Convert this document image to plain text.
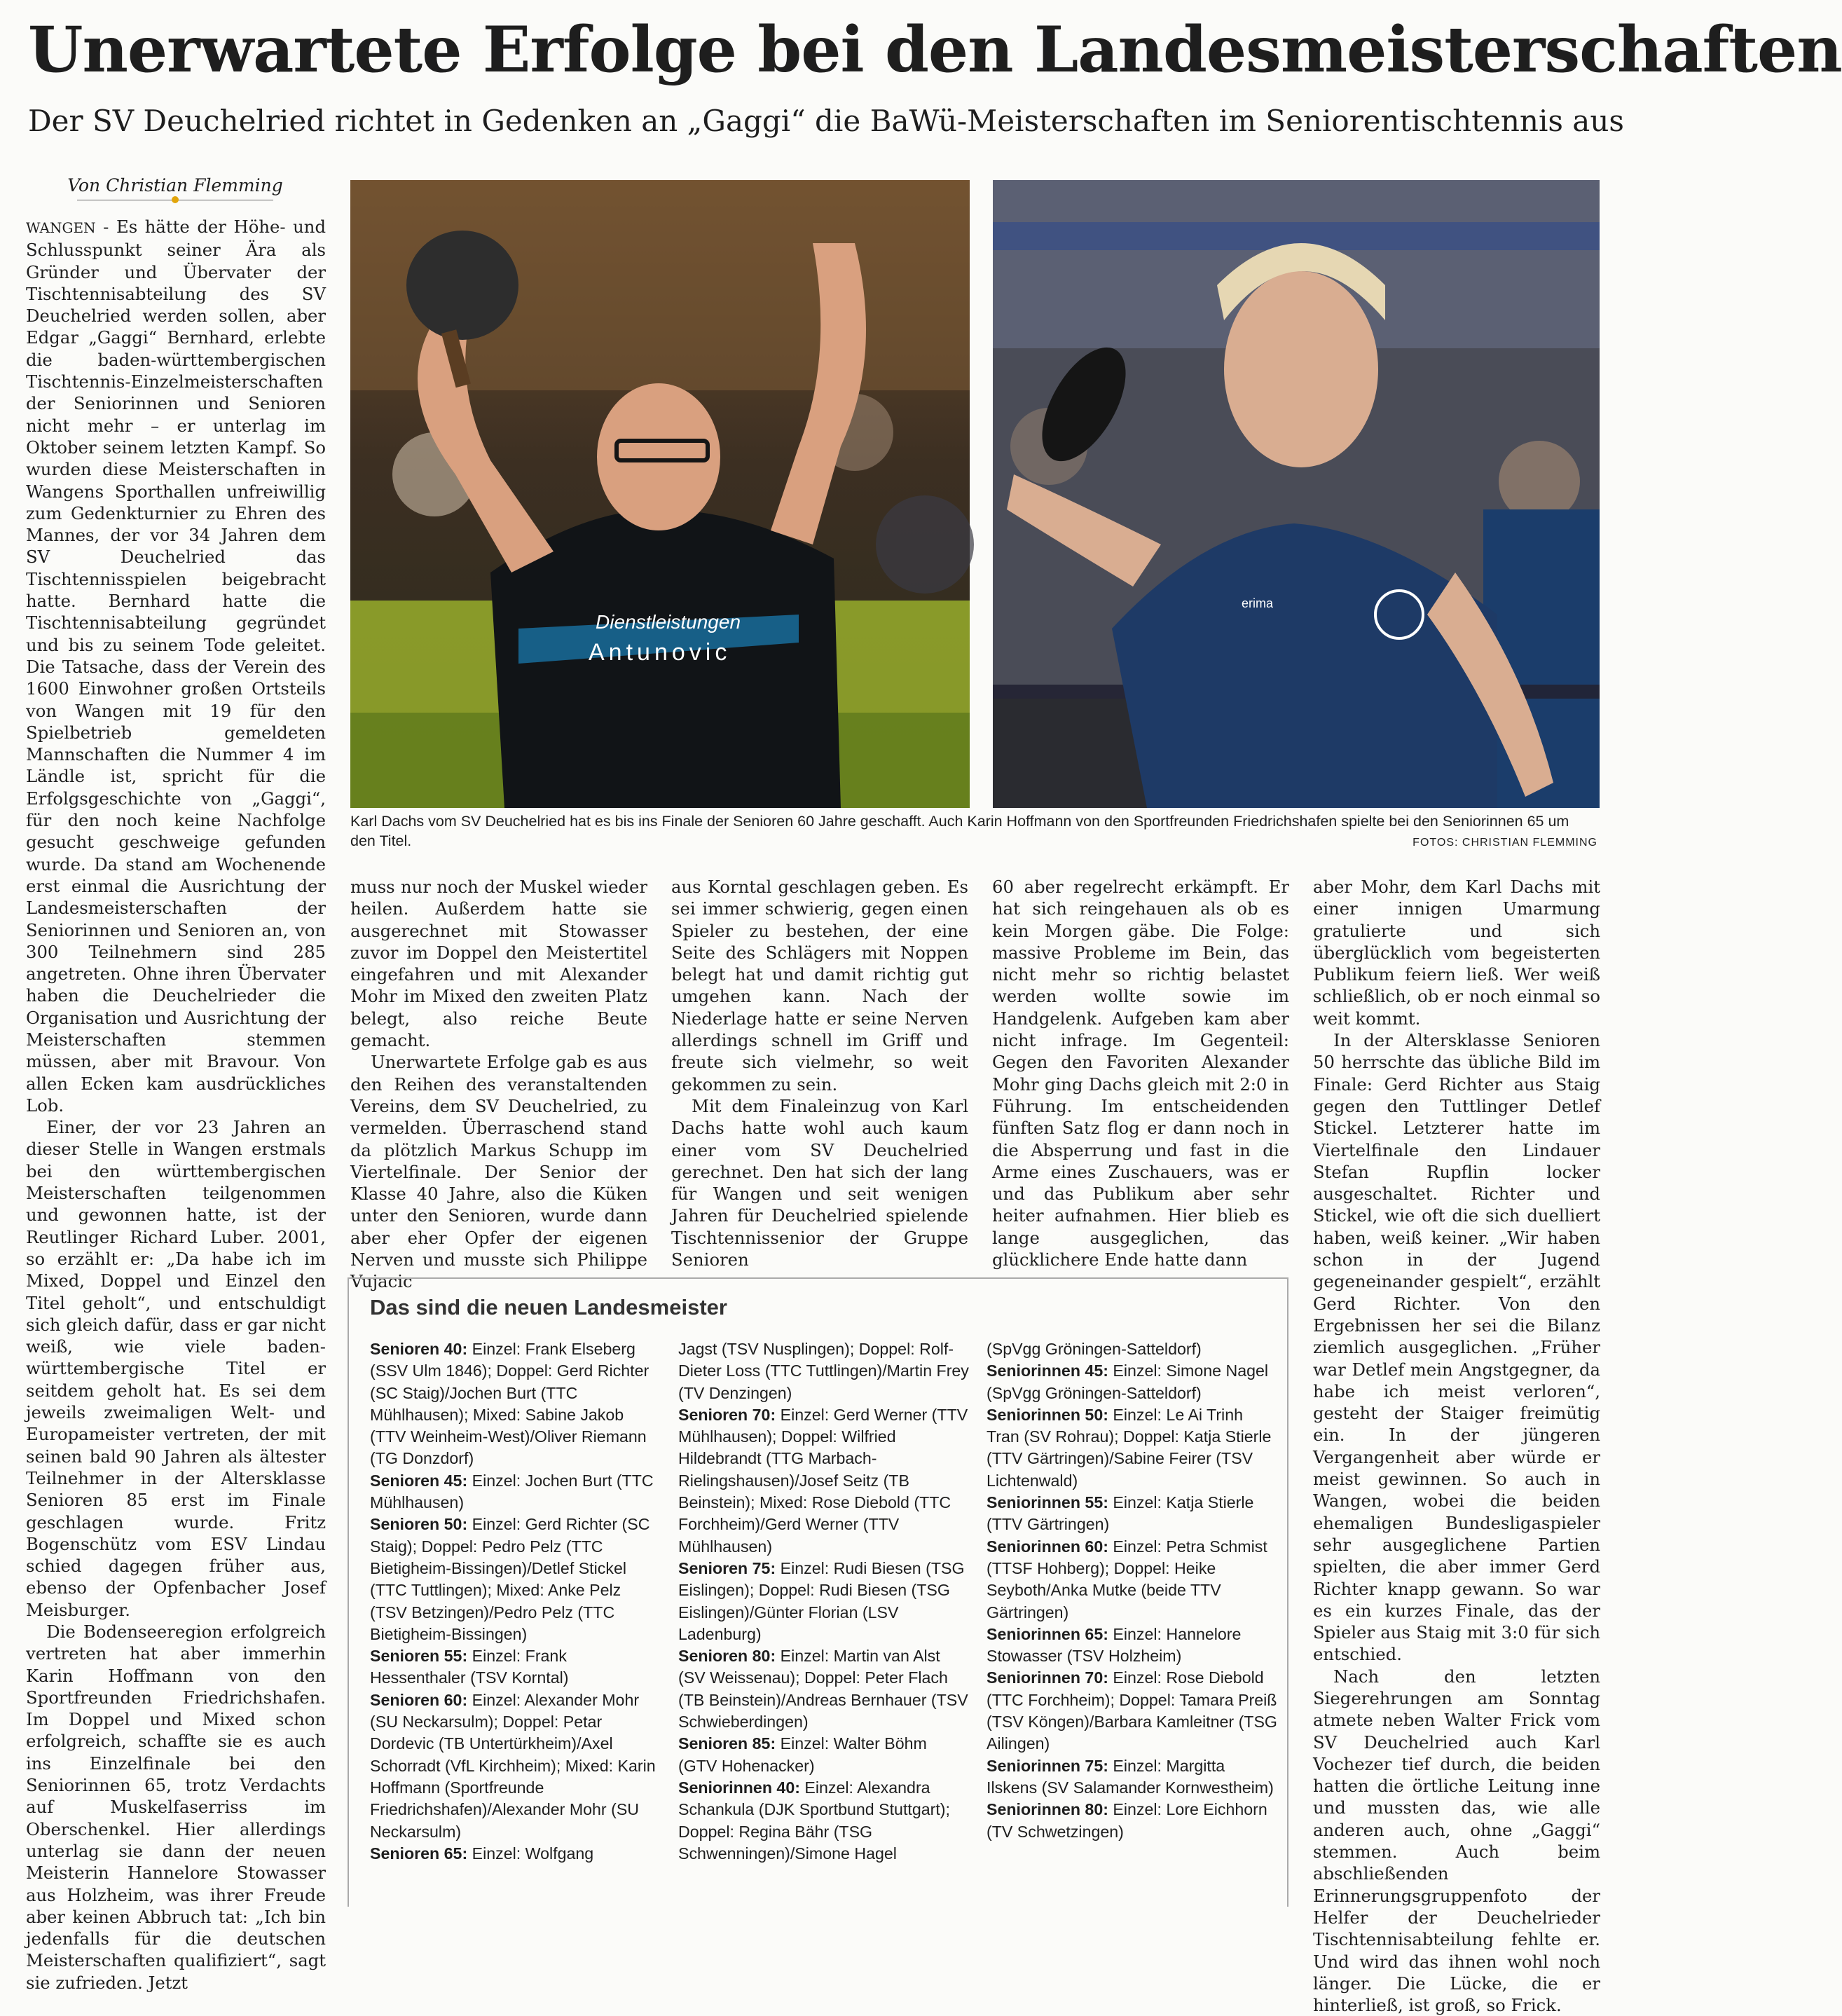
Unerwartete Erfolge bei den Landesmeisterschaften
Der SV Deuchelried richtet in Gedenken an „Gaggi“ die BaWü-Meisterschaften im Seniorentischtennis aus
Von Christian Flemming

WANGEN - Es hätte der Höhe- und Schlusspunkt seiner Ära als Gründer und Übervater der Tischtennisabteilung des SV Deuchelried werden sollen, aber Edgar „Gaggi“ Bernhard, erlebte die baden-württembergischen Tischtennis-Einzelmeisterschaften der Seniorinnen und Senioren nicht mehr – er unterlag im Oktober seinem letzten Kampf. So wurden diese Meisterschaften in Wangens Sporthallen unfreiwillig zum Gedenkturnier zu Ehren des Mannes, der vor 34 Jahren dem SV Deuchelried das Tischtennisspielen beigebracht hatte. Bernhard hatte die Tischtennisabteilung gegründet und bis zu seinem Tode geleitet. Die Tatsache, dass der Verein des 1600 Einwohner großen Ortsteils von Wangen mit 19 für den Spielbetrieb gemeldeten Mannschaften die Nummer 4 im Ländle ist, spricht für die Erfolgsgeschichte von „Gaggi“, für den noch keine Nachfolge gesucht geschweige gefunden wurde. Da stand am Wochenende erst einmal die Ausrichtung der Landesmeisterschaften der Seniorinnen und Senioren an, von 300 Teilnehmern sind 285 angetreten. Ohne ihren Übervater haben die Deuchelrieder die Organisation und Ausrichtung der Meisterschaften stemmen müssen, aber mit Bravour. Von allen Ecken kam ausdrückliches Lob.

Einer, der vor 23 Jahren an dieser Stelle in Wangen erstmals bei den württembergischen Meisterschaften teilgenommen und gewonnen hatte, ist der Reutlinger Richard Luber. 2001, so erzählt er: „Da habe ich im Mixed, Doppel und Einzel den Titel geholt“, und entschuldigt sich gleich dafür, dass er gar nicht weiß, wie viele baden-württembergische Titel er seitdem geholt hat. Es sei dem jeweils zweimaligen Welt- und Europameister vertreten, der mit seinen bald 90 Jahren als ältester Teilnehmer in der Altersklasse Senioren 85 erst im Finale geschlagen wurde. Fritz Bogenschütz vom ESV Lindau schied dagegen früher aus, ebenso der Opfenbacher Josef Meisburger.

Die Bodenseeregion erfolgreich vertreten hat aber immerhin Karin Hoffmann von den Sportfreunden Friedrichshafen. Im Doppel und Mixed schon erfolgreich, schaffte sie es auch ins Einzelfinale bei den Seniorinnen 65, trotz Verdachts auf Muskelfaserriss im Oberschenkel. Hier allerdings unterlag sie dann der neuen Meisterin Hannelore Stowasser aus Holzheim, was ihrer Freude aber keinen Abbruch tat: „Ich bin jedenfalls für die deutschen Meisterschaften qualifiziert“, sagt sie zufrieden. Jetzt

Dienstleistungen
Antunovic
erima
Karl Dachs vom SV Deuchelried hat es bis ins Finale der Senioren 60 Jahre geschafft. Auch Karin Hoffmann von den Sportfreunden Friedrichshafen spielte bei den Seniorinnen 65 um den Titel.	FOTOS: CHRISTIAN FLEMMING

muss nur noch der Muskel wieder heilen. Außerdem hatte sie ausgerechnet mit Stowasser zuvor im Doppel den Meistertitel eingefahren und mit Alexander Mohr im Mixed den zweiten Platz belegt, also reiche Beute gemacht.

Unerwartete Erfolge gab es aus den Reihen des veranstaltenden Vereins, dem SV Deuchelried, zu vermelden. Überraschend stand da plötzlich Markus Schupp im Viertelfinale. Der Senior der Klasse 40 Jahre, also die Küken unter den Senioren, wurde dann aber eher Opfer der eigenen Nerven und musste sich Philippe Vujacic

aus Korntal geschlagen geben. Es sei immer schwierig, gegen einen Spieler zu bestehen, der eine Seite des Schlägers mit Noppen belegt hat und damit richtig gut umgehen kann. Nach der Niederlage hatte er seine Nerven allerdings schnell im Griff und freute sich vielmehr, so weit gekommen zu sein.

Mit dem Finaleinzug von Karl Dachs hatte wohl auch kaum einer vom SV Deuchelried gerechnet. Den hat sich der lang für Wangen und seit wenigen Jahren für Deuchelried spielende Tischtennissenior der Gruppe Senioren

60 aber regelrecht erkämpft. Er hat sich reingehauen als ob es kein Morgen gäbe. Die Folge: massive Probleme im Bein, das nicht mehr so richtig belastet werden wollte sowie im Handgelenk. Aufgeben kam aber nicht infrage. Im Gegenteil: Gegen den Favoriten Alexander Mohr ging Dachs gleich mit 2:0 in Führung. Im entscheidenden fünften Satz flog er dann noch in die Absperrung und fast in die Arme eines Zuschauers, was er und das Publikum aber sehr heiter aufnahmen. Hier blieb es lange ausgeglichen, das glücklichere Ende hatte dann

aber Mohr, dem Karl Dachs mit einer innigen Umarmung gratulierte und sich überglücklich vom begeisterten Publikum feiern ließ. Wer weiß schließlich, ob er noch einmal so weit kommt.

In der Altersklasse Senioren 50 herrschte das übliche Bild im Finale: Gerd Richter aus Staig gegen den Tuttlinger Detlef Stickel. Letzterer hatte im Viertelfinale den Lindauer Stefan Rupflin locker ausgeschaltet. Richter und Stickel, wie oft die sich duelliert haben, weiß keiner. „Wir haben schon in der Jugend gegeneinander gespielt“, erzählt Gerd Richter. Von den Ergebnissen her sei die Bilanz ziemlich ausgeglichen. „Früher war Detlef mein Angstgegner, da habe ich meist verloren“, gesteht der Staiger freimütig ein. In der jüngeren Vergangenheit aber würde er meist gewinnen. So auch in Wangen, wobei die beiden ehemaligen Bundesligaspieler sehr ausgeglichene Partien spielten, die aber immer Gerd Richter knapp gewann. So war es ein kurzes Finale, das der Spieler aus Staig mit 3:0 für sich entschied.

Nach den letzten Siegerehrungen am Sonntag atmete neben Walter Frick vom SV Deuchelried auch Karl Vochezer tief durch, die beiden hatten die örtliche Leitung inne und mussten das, wie alle anderen auch, ohne „Gaggi“ stemmen. Auch beim abschließenden Erinnerungsgruppenfoto der Helfer der Deuchelrieder Tischtennisabteilung fehlte er. Und wird das ihnen wohl noch länger. Die Lücke, die er hinterließ, ist groß, so Frick.

Das sind die neuen Landesmeister

Senioren 40: Einzel: Frank Elseberg (SSV Ulm 1846); Doppel: Gerd Richter (SC Staig)/Jochen Burt (TTC Mühlhausen); Mixed: Sabine Jakob (TTV Weinheim-West)/Oliver Riemann (TG Donzdorf)

Senioren 45: Einzel: Jochen Burt (TTC Mühlhausen)

Senioren 50: Einzel: Gerd Richter (SC Staig); Doppel: Pedro Pelz (TTC Bietigheim-Bissingen)/Detlef Stickel (TTC Tuttlingen); Mixed: Anke Pelz (TSV Betzingen)/Pedro Pelz (TTC Bietigheim-Bissingen)

Senioren 55: Einzel: Frank Hessenthaler (TSV Korntal)

Senioren 60: Einzel: Alexander Mohr (SU Neckarsulm); Doppel: Petar Dordevic (TB Untertürkheim)/Axel Schorradt (VfL Kirchheim); Mixed: Karin Hoffmann (Sportfreunde Friedrichshafen)/Alexander Mohr (SU Neckarsulm)

Senioren 65: Einzel: Wolfgang

Jagst (TSV Nusplingen); Doppel: Rolf-Dieter Loss (TTC Tuttlingen)/Martin Frey (TV Denzingen)

Senioren 70: Einzel: Gerd Werner (TTV Mühlhausen); Doppel: Wilfried Hildebrandt (TTG Marbach-Rielingshausen)/Josef Seitz (TB Beinstein); Mixed: Rose Diebold (TTC Forchheim)/Gerd Werner (TTV Mühlhausen)

Senioren 75: Einzel: Rudi Biesen (TSG Eislingen); Doppel: Rudi Biesen (TSG Eislingen)/Günter Florian (LSV Ladenburg)

Senioren 80: Einzel: Martin van Alst (SV Weissenau); Doppel: Peter Flach (TB Beinstein)/Andreas Bernhauer (TSV Schwieberdingen)

Senioren 85: Einzel: Walter Böhm (GTV Hohenacker)

Seniorinnen 40: Einzel: Alexandra Schankula (DJK Sportbund Stuttgart); Doppel: Regina Bähr (TSG Schwenningen)/Simone Hagel

(SpVgg Gröningen-Satteldorf)

Seniorinnen 45: Einzel: Simone Nagel (SpVgg Gröningen-Satteldorf)

Seniorinnen 50: Einzel: Le Ai Trinh Tran (SV Rohrau); Doppel: Katja Stierle (TTV Gärtringen)/Sabine Feirer (TSV Lichtenwald)

Seniorinnen 55: Einzel: Katja Stierle (TTV Gärtringen)

Seniorinnen 60: Einzel: Petra Schmist (TTSF Hohberg); Doppel: Heike Seyboth/Anka Mutke (beide TTV Gärtringen)

Seniorinnen 65: Einzel: Hannelore Stowasser (TSV Holzheim)

Seniorinnen 70: Einzel: Rose Diebold (TTC Forchheim); Doppel: Tamara Preiß (TSV Köngen)/Barbara Kamleitner (TSG Ailingen)

Seniorinnen 75: Einzel: Margitta Ilskens (SV Salamander Kornwestheim)

Seniorinnen 80: Einzel: Lore Eichhorn (TV Schwetzingen)
